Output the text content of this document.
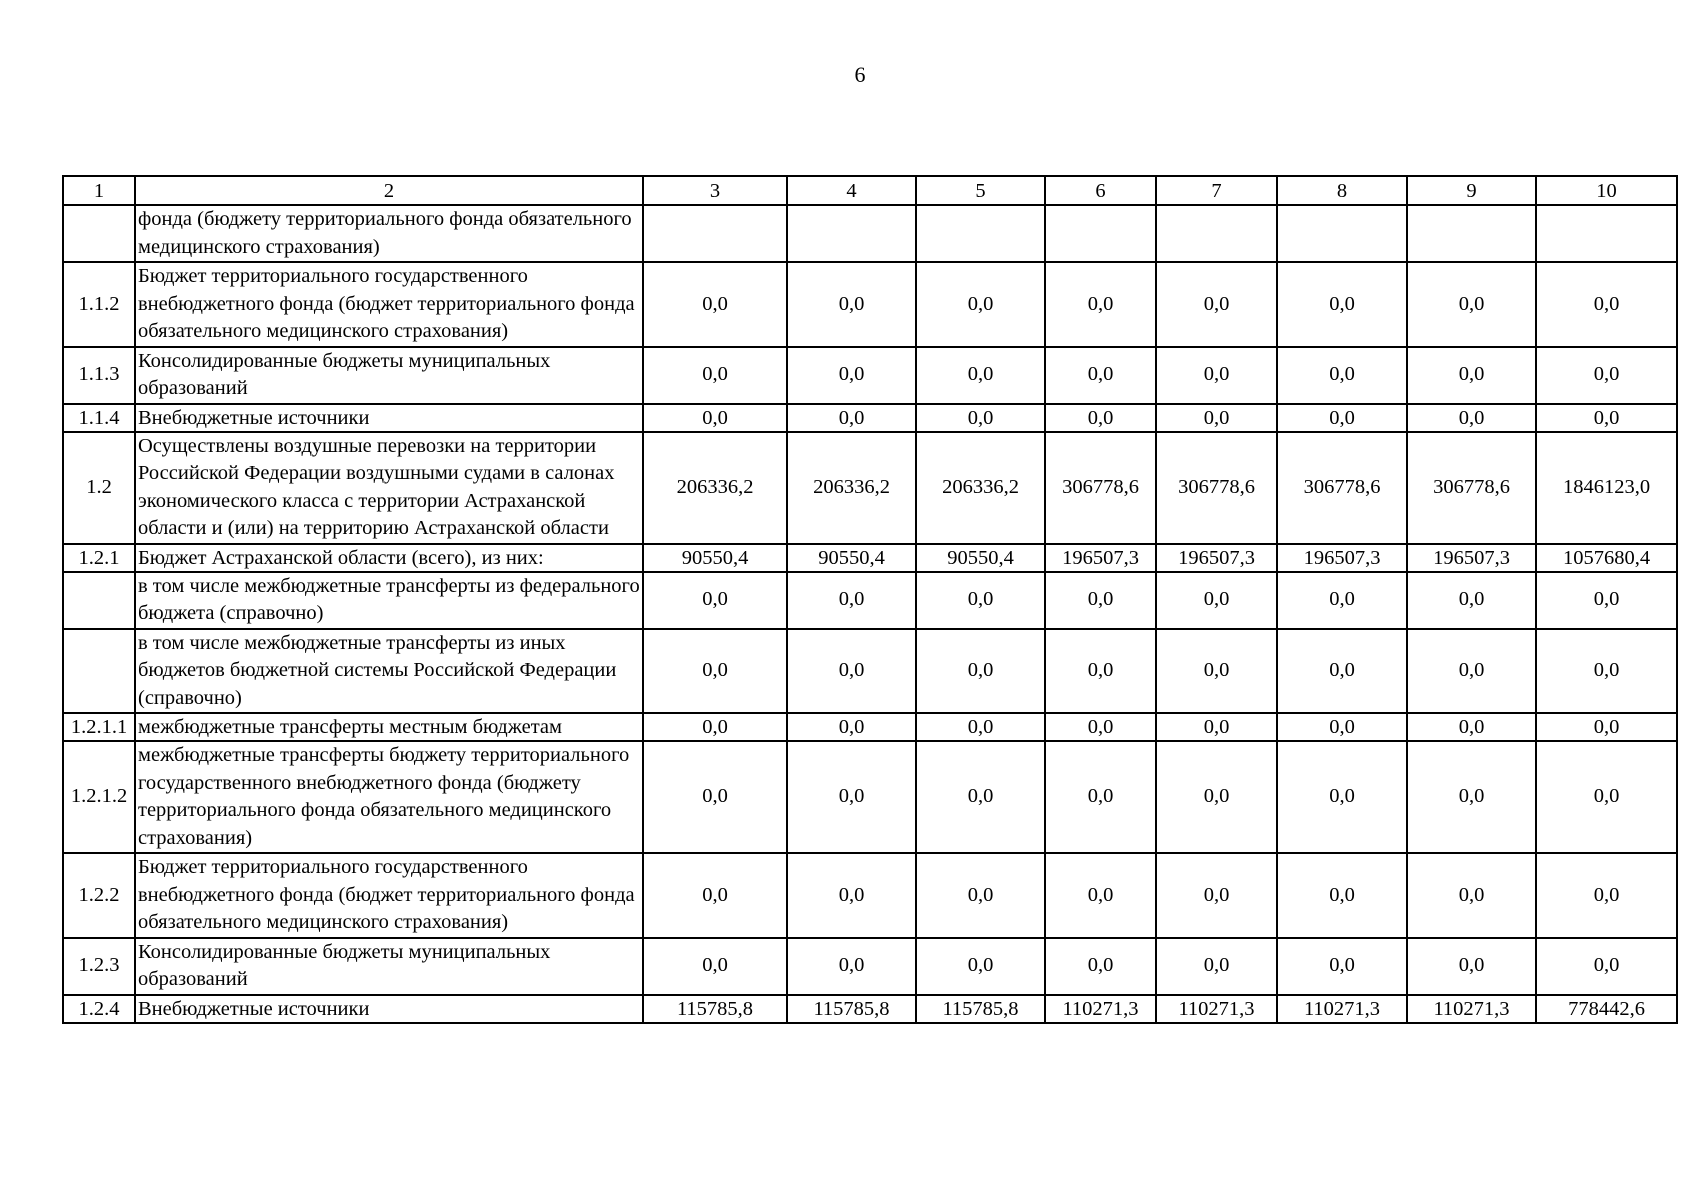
6
1	2	3	4	5	6	7	8	9	10
	фонда (бюджету территориального фонда обязательного медицинского страхования)								
1.1.2	Бюджет территориального государственного внебюджетного фонда (бюджет территориального фонда обязательного медицинского страхования)	0,0	0,0	0,0	0,0	0,0	0,0	0,0	0,0
1.1.3	Консолидированные бюджеты муниципальных образований	0,0	0,0	0,0	0,0	0,0	0,0	0,0	0,0
1.1.4	Внебюджетные источники	0,0	0,0	0,0	0,0	0,0	0,0	0,0	0,0
1.2	Осуществлены воздушные перевозки на территории Российской Федерации воздушными судами в салонах экономического класса с территории Астраханской области и (или) на территорию Астраханской области	206336,2	206336,2	206336,2	306778,6	306778,6	306778,6	306778,6	1846123,0
1.2.1	Бюджет Астраханской области (всего), из них:	90550,4	90550,4	90550,4	196507,3	196507,3	196507,3	196507,3	1057680,4
	в том числе межбюджетные трансферты из федерального бюджета (справочно)	0,0	0,0	0,0	0,0	0,0	0,0	0,0	0,0
	в том числе межбюджетные трансферты из иных бюджетов бюджетной системы Российской Федерации (справочно)	0,0	0,0	0,0	0,0	0,0	0,0	0,0	0,0
1.2.1.1	межбюджетные трансферты местным бюджетам	0,0	0,0	0,0	0,0	0,0	0,0	0,0	0,0
1.2.1.2	межбюджетные трансферты бюджету территориального государственного внебюджетного фонда (бюджету территориального фонда обязательного медицинского страхования)	0,0	0,0	0,0	0,0	0,0	0,0	0,0	0,0
1.2.2	Бюджет территориального государственного внебюджетного фонда (бюджет территориального фонда обязательного медицинского страхования)	0,0	0,0	0,0	0,0	0,0	0,0	0,0	0,0
1.2.3	Консолидированные бюджеты муниципальных образований	0,0	0,0	0,0	0,0	0,0	0,0	0,0	0,0
1.2.4	Внебюджетные источники	115785,8	115785,8	115785,8	110271,3	110271,3	110271,3	110271,3	778442,6
